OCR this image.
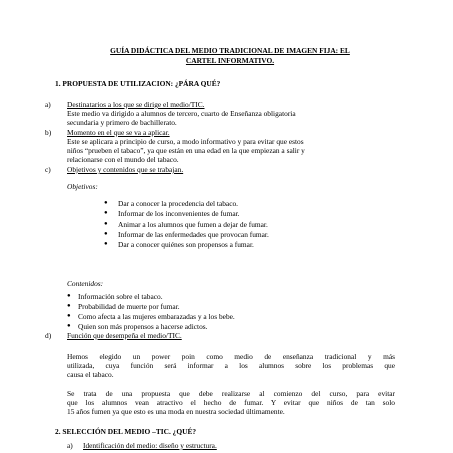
GUÍA DIDÁCTICA DEL MEDIO TRADICIONAL DE IMAGEN FIJA: EL
CARTEL INFORMATIVO.
1. PROPUESTA DE UTILIZACION: ¿PÁRA QUÉ?
a) Destinatarios a los que se dirige el medio/TIC.
Este medio va dirigido a alumnos de tercero, cuarto de Enseñanza obligatoria
secundaria y primero de bachillerato.
b) Momento en el que se va a aplicar.
Este se aplicara a principio de curso, a modo informativo y para evitar que estos
niños “prueben el tabaco”, ya que están en una edad en la que empiezan a salir y
relacionarse con el mundo del tabaco.
c) Objetivos y contenidos que se trabajan.
Objetivos:
● Dar a conocer la procedencia del tabaco.
● Informar de los inconvenientes de fumar.
● Animar a los alumnos que fumen a dejar de fumar.
● Informar de las enfermedades que provocan fumar.
● Dar a conocer quiénes son propensos a fumar.
Contenidos:
● Información sobre el tabaco.
● Probabilidad de muerte por fumar.
● Como afecta a las mujeres embarazadas y a los bebe.
● Quien son más propensos a hacerse adictos.
d) Función que desempeña el medio/TIC.
Hemos elegido un power poin como medio de enseñanza tradicional y más
utilizada, cuya función será informar a los alumnos sobre los problemas que
causa el tabaco.
Se trata de una propuesta que debe realizarse al comienzo del curso, para evitar
que los alumnos vean atractivo el hecho de fumar. Y evitar que niños de tan solo
15 años fumen ya que esto es una moda en nuestra sociedad últimamente.
2. SELECCIÓN DEL MEDIO –TIC. ¿QUÉ?
a) Identificación del medio: diseño y estructura.
